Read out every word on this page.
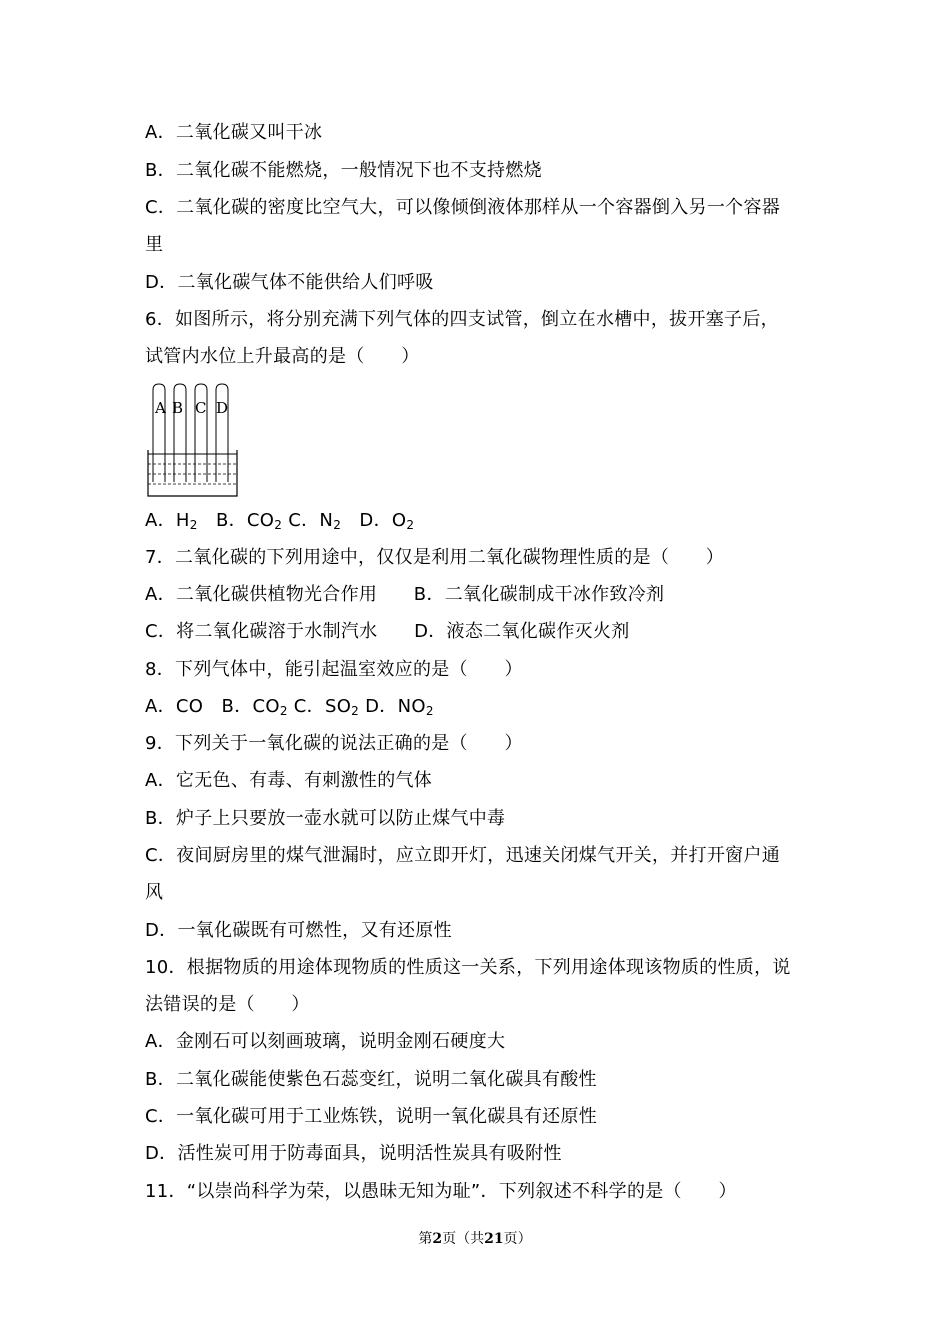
A．二氧化碳又叫干冰
B．二氧化碳不能燃烧，一般情况下也不支持燃烧
C．二氧化碳的密度比空气大，可以像倾倒液体那样从一个容器倒入另一个容器
里
D．二氧化碳气体不能供给人们呼吸
6．如图所示，将分别充满下列气体的四支试管，倒立在水槽中，拔开塞子后，
试管内水位上升最高的是（　　）
A B C D
A．$H_2$　B．$CO_2$ C．$N_2$　D．$O_2$
7．二氧化碳的下列用途中，仅仅是利用二氧化碳物理性质的是（　　）
A．二氧化碳供植物光合作用　　B．二氧化碳制成干冰作致冷剂
C．将二氧化碳溶于水制汽水　　D．液态二氧化碳作灭火剂
8．下列气体中，能引起温室效应的是（　　）
A．CO　B．$CO_2$ C．$SO_2$ D．$NO_2$
9．下列关于一氧化碳的说法正确的是（　　）
A．它无色、有毒、有刺激性的气体
B．炉子上只要放一壶水就可以防止煤气中毒
C．夜间厨房里的煤气泄漏时，应立即开灯，迅速关闭煤气开关，并打开窗户通
风
D．一氧化碳既有可燃性，又有还原性
10．根据物质的用途体现物质的性质这一关系，下列用途体现该物质的性质，说
法错误的是（　　）
A．金刚石可以刻画玻璃，说明金刚石硬度大
B．二氧化碳能使紫色石蕊变红，说明二氧化碳具有酸性
C．一氧化碳可用于工业炼铁，说明一氧化碳具有还原性
D．活性炭可用于防毒面具，说明活性炭具有吸附性
11．“以崇尚科学为荣，以愚昧无知为耻”．下列叙述不科学的是（　　）
第2页（共21页）
